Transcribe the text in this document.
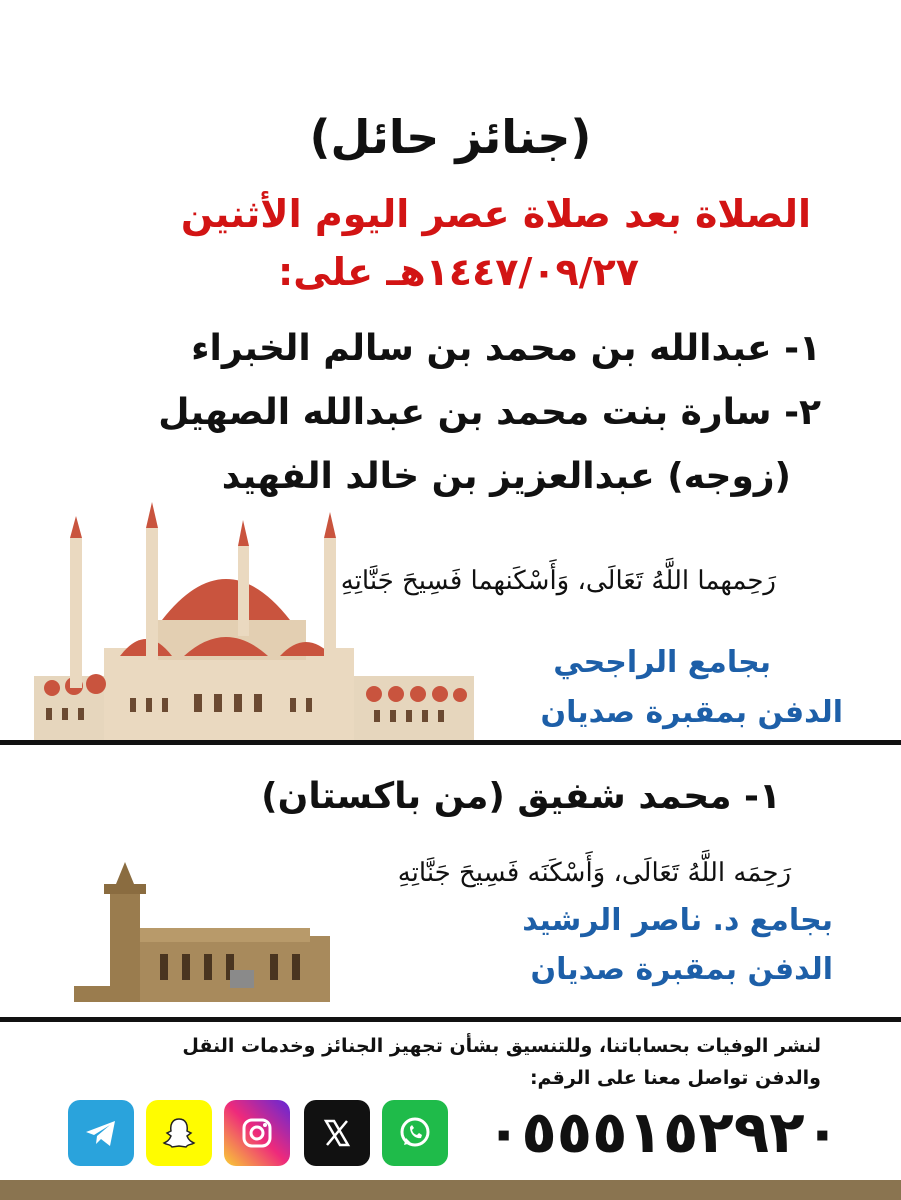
(جنائز حائل)
الصلاة بعد صلاة عصر اليوم الأثنين
١٤٤٧/٠٩/٢٧هـ على:
١- عبدالله بن محمد بن سالم الخبراء
٢- سارة بنت محمد بن عبدالله الصهيل
(زوجه) عبدالعزيز بن خالد الفهيد
رَحِمهما اللَّهُ تَعَالَى، وَأَسْكَنهما فَسِيحَ جَنَّاتِهِ
بجامع الراجحي
الدفن بمقبرة صديان
١- محمد شفيق (من باكستان)
رَحِمَه اللَّهُ تَعَالَى، وَأَسْكَنَه فَسِيحَ جَنَّاتِهِ
بجامع د. ناصر الرشيد
الدفن بمقبرة صديان
لنشر الوفيات بحساباتنا، وللتنسيق بشأن تجهيز الجنائز وخدمات النقل
والدفن تواصل معنا على الرقم:
٠٥٥٥١٥٢٩٢٠
